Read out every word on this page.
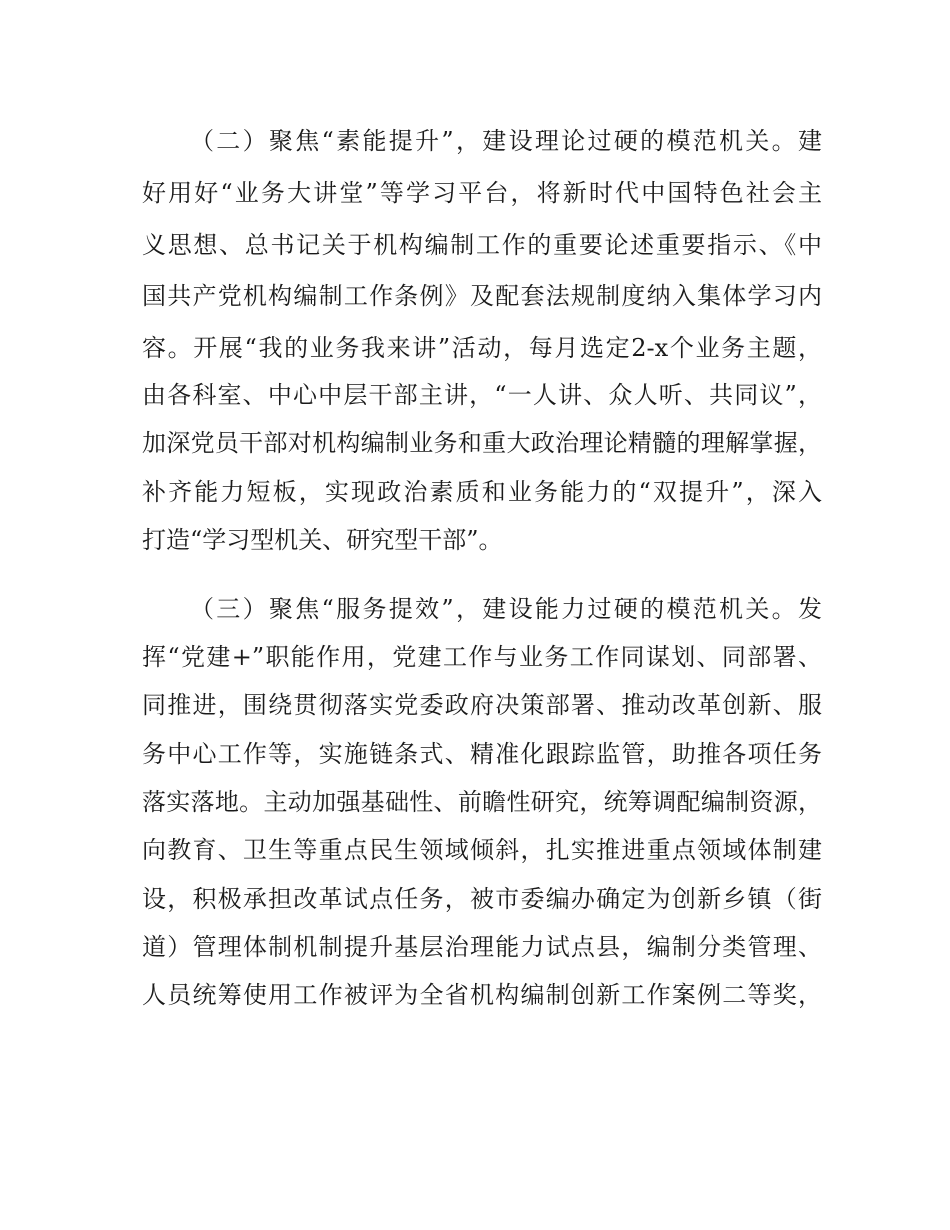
（二）聚焦“素能提升”，建设理论过硬的模范机关。建
好用好“业务大讲堂”等学习平台，将新时代中国特色社会主
义思想、总书记关于机构编制工作的重要论述重要指示、《中
国共产党机构编制工作条例》及配套法规制度纳入集体学习内
容。开展“我的业务我来讲”活动，每月选定2-x个业务主题，
由各科室、中心中层干部主讲，“一人讲、众人听、共同议”，
加深党员干部对机构编制业务和重大政治理论精髓的理解掌握，
补齐能力短板，实现政治素质和业务能力的“双提升”，深入
打造“学习型机关、研究型干部”。
（三）聚焦“服务提效”，建设能力过硬的模范机关。发
挥“党建+”职能作用，党建工作与业务工作同谋划、同部署、
同推进，围绕贯彻落实党委政府决策部署、推动改革创新、服
务中心工作等，实施链条式、精准化跟踪监管，助推各项任务
落实落地。主动加强基础性、前瞻性研究，统筹调配编制资源，
向教育、卫生等重点民生领域倾斜，扎实推进重点领域体制建
设，积极承担改革试点任务，被市委编办确定为创新乡镇（街
道）管理体制机制提升基层治理能力试点县，编制分类管理、
人员统筹使用工作被评为全省机构编制创新工作案例二等奖，
